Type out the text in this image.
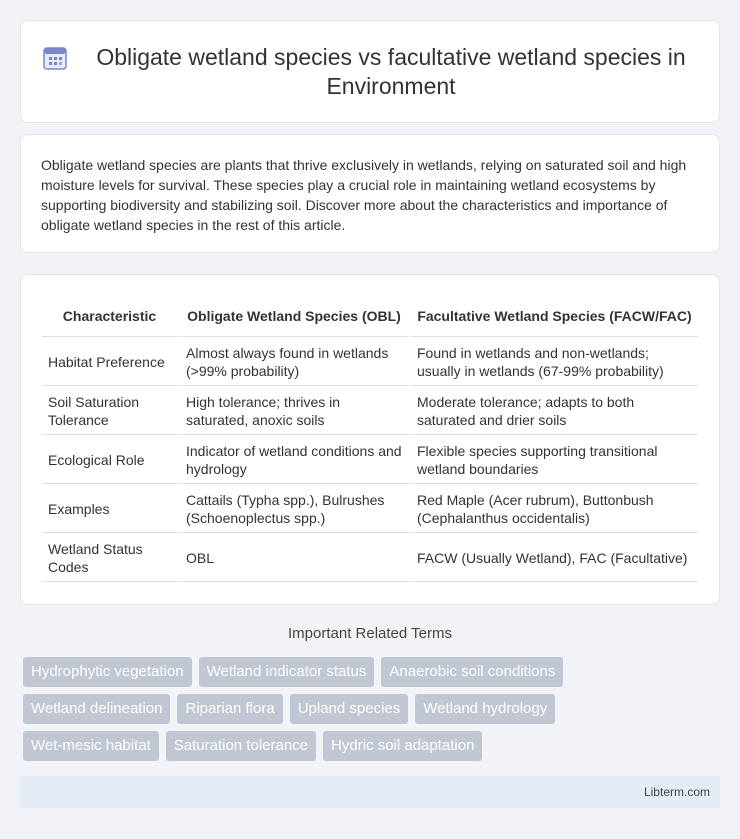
Obligate wetland species vs facultative wetland species in Environment

Obligate wetland species are plants that thrive exclusively in wetlands, relying on saturated soil and high moisture levels for survival. These species play a crucial role in maintaining wetland ecosystems by supporting biodiversity and stabilizing soil. Discover more about the characteristics and importance of obligate wetland species in the rest of this article.

Characteristic	Obligate Wetland Species (OBL)	Facultative Wetland Species (FACW/FAC)
Habitat Preference	Almost always found in wetlands (>99% probability)	Found in wetlands and non-wetlands; usually in wetlands (67-99% probability)
Soil Saturation Tolerance	High tolerance; thrives in saturated, anoxic soils	Moderate tolerance; adapts to both saturated and drier soils
Ecological Role	Indicator of wetland conditions and hydrology	Flexible species supporting transitional wetland boundaries
Examples	Cattails (Typha spp.), Bulrushes (Schoenoplectus spp.)	Red Maple (Acer rubrum), Buttonbush (Cephalanthus occidentalis)
Wetland Status Codes	OBL	FACW (Usually Wetland), FAC (Facultative)
Important Related Terms
Hydrophytic vegetation	Wetland indicator status	Anaerobic soil conditions
Wetland delineation	Riparian flora	Upland species	Wetland hydrology
Wet-mesic habitat	Saturation tolerance	Hydric soil adaptation
Libterm.com
